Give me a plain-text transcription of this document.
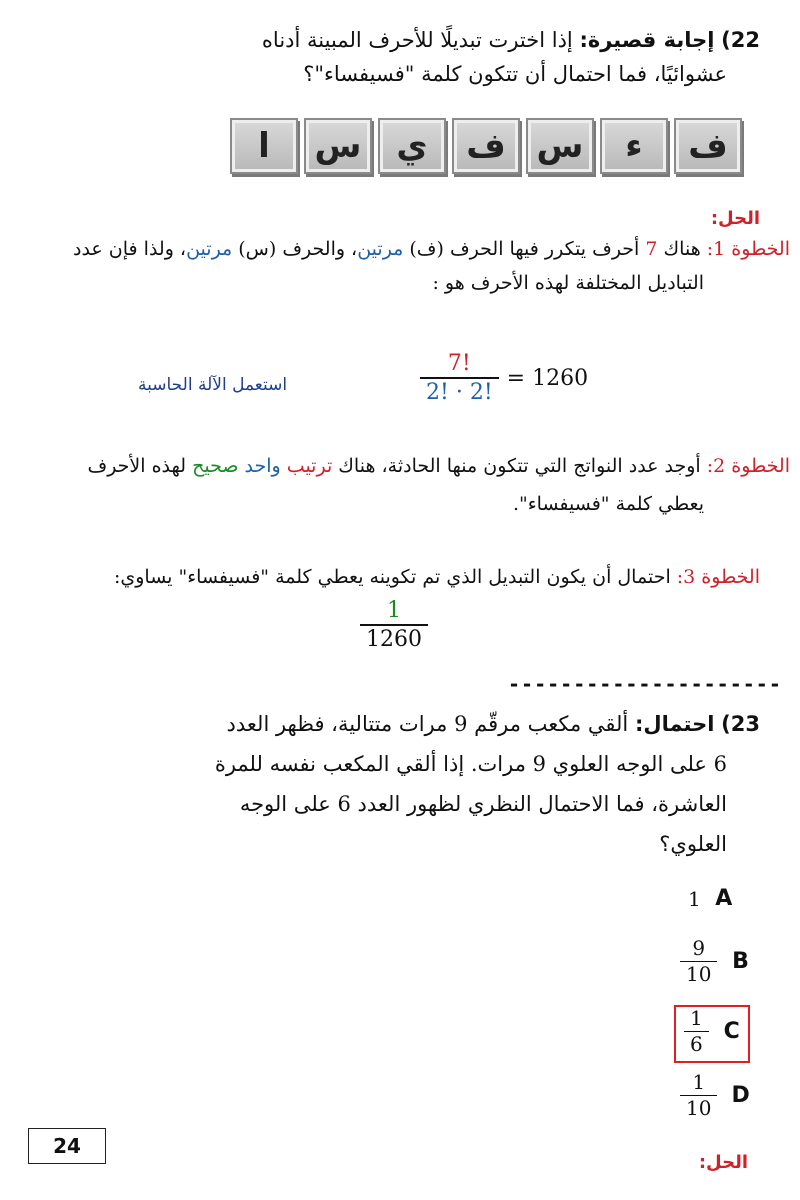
22) إجابة قصيرة: إذا اخترت تبديلًا للأحرف المبينة أدناه
عشوائيًا، فما احتمال أن تتكون كلمة "فسيفساء"؟
ف
ء
س
ف
ي
س
ا
الحل:
الخطوة 1: هناك 7 أحرف يتكرر فيها الحرف (ف) مرتين، والحرف (س) مرتين، ولذا فإن عدد
التباديل المختلفة لهذه الأحرف هو :
$\frac{7!}{2! \cdot 2!} = 1260$
استعمل الآلة الحاسبة
الخطوة 2: أوجد عدد النواتج التي تتكون منها الحادثة، هناك ترتيب واحد صحيح لهذه الأحرف
يعطي كلمة "فسيفساء".
الخطوة 3: احتمال أن يكون التبديل الذي تم تكوينه يعطي كلمة "فسيفساء" يساوي:
$\frac{1}{1260}$
---------------------
23) احتمال: ألقي مكعب مرقّم 9 مرات متتالية، فظهر العدد
6 على الوجه العلوي 9 مرات. إذا ألقي المكعب نفسه للمرة
العاشرة، فما الاحتمال النظري لظهور العدد 6 على الوجه
العلوي؟
1 A
$\frac{9}{10}$ B
$\frac{1}{6}$ C
$\frac{1}{10}$ D
24
الحل:
